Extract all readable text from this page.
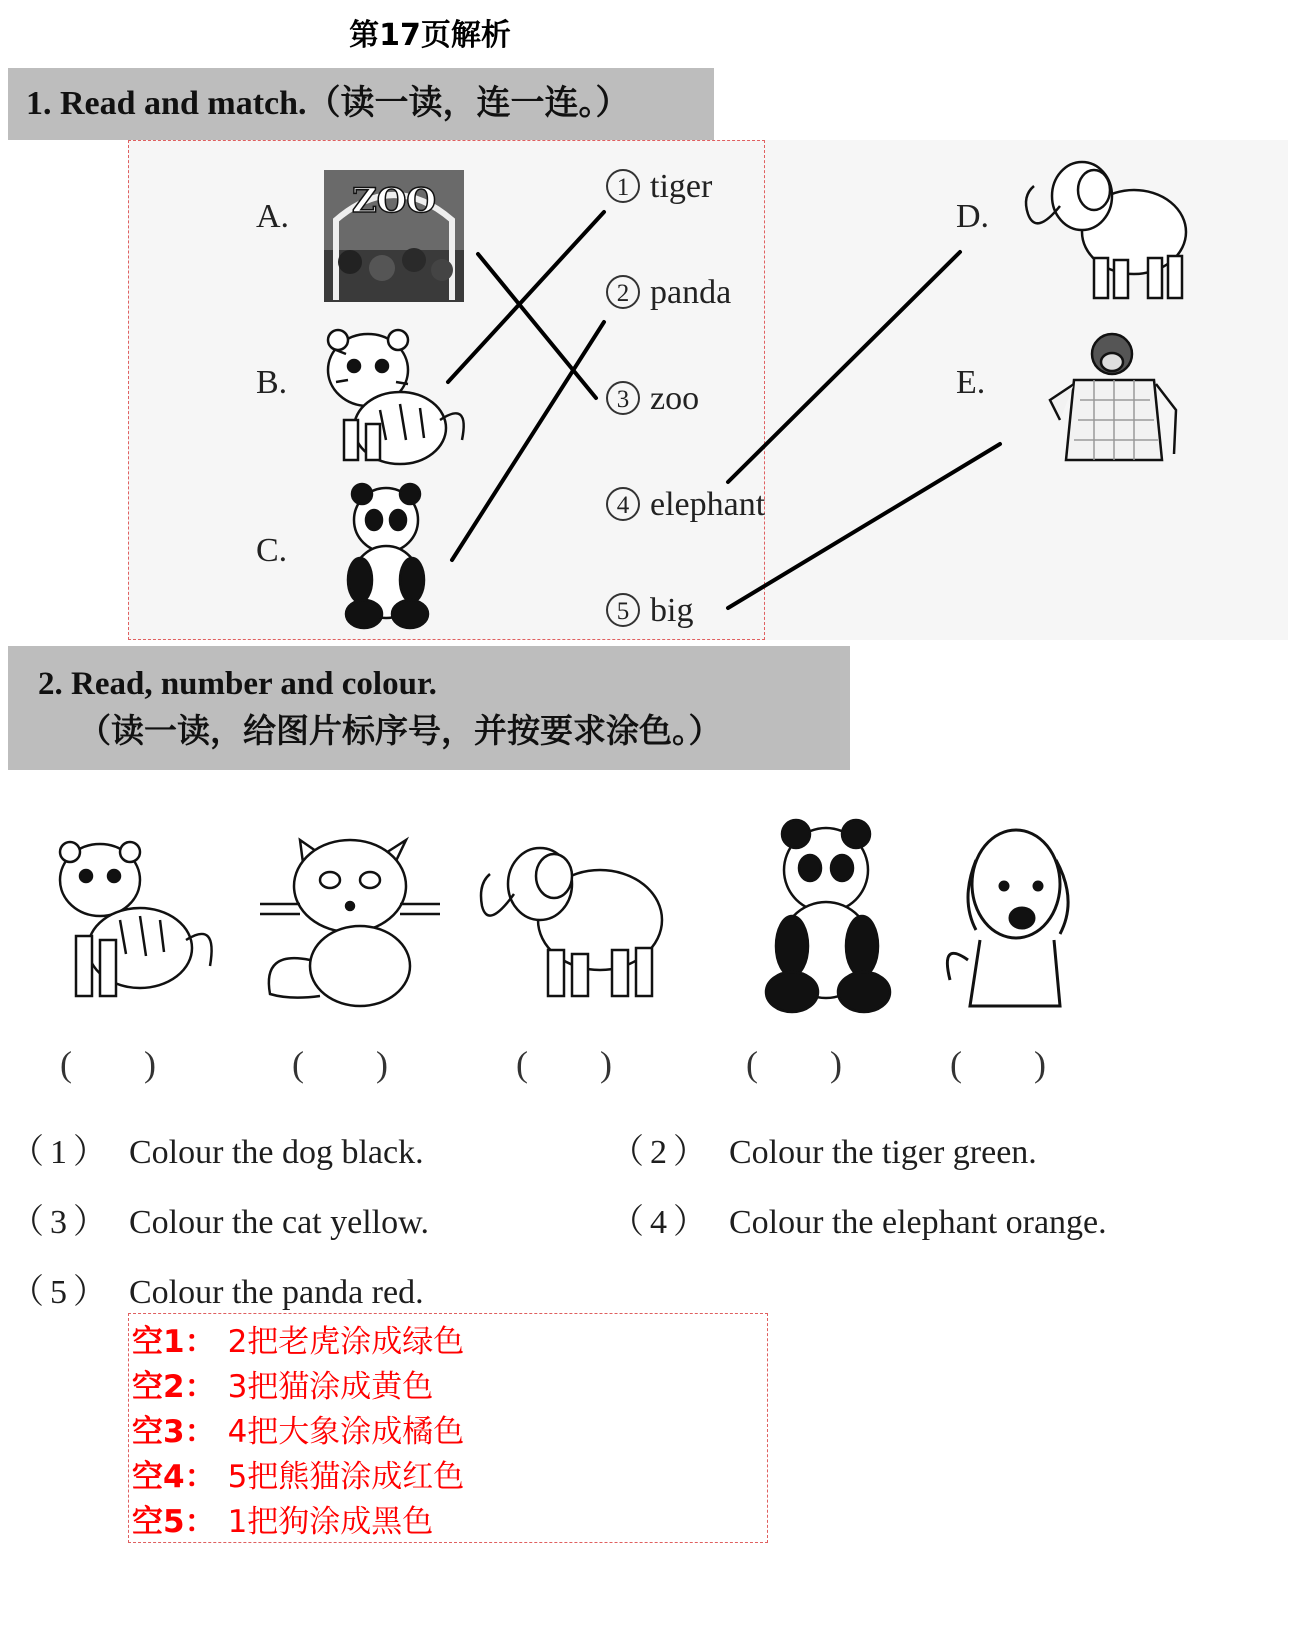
第17页解析
1. Read and match.（读一读，连一连。）
A.
B.
C.
D.
E.
1 tiger
2 panda
3 zoo
4 elephant
5 big
ZOO
2. Read, number and colour.
（读一读，给图片标序号，并按要求涂色。）
(　　)	(　　)	(　　)	(　　)	(　　)
（1） Colour the dog black.	（2） Colour the tiger green.
（3） Colour the cat yellow.	（4） Colour the elephant orange.
（5） Colour the panda red.
空1： 2把老虎涂成绿色
空2： 3把猫涂成黄色
空3： 4把大象涂成橘色
空4： 5把熊猫涂成红色
空5： 1把狗涂成黑色
